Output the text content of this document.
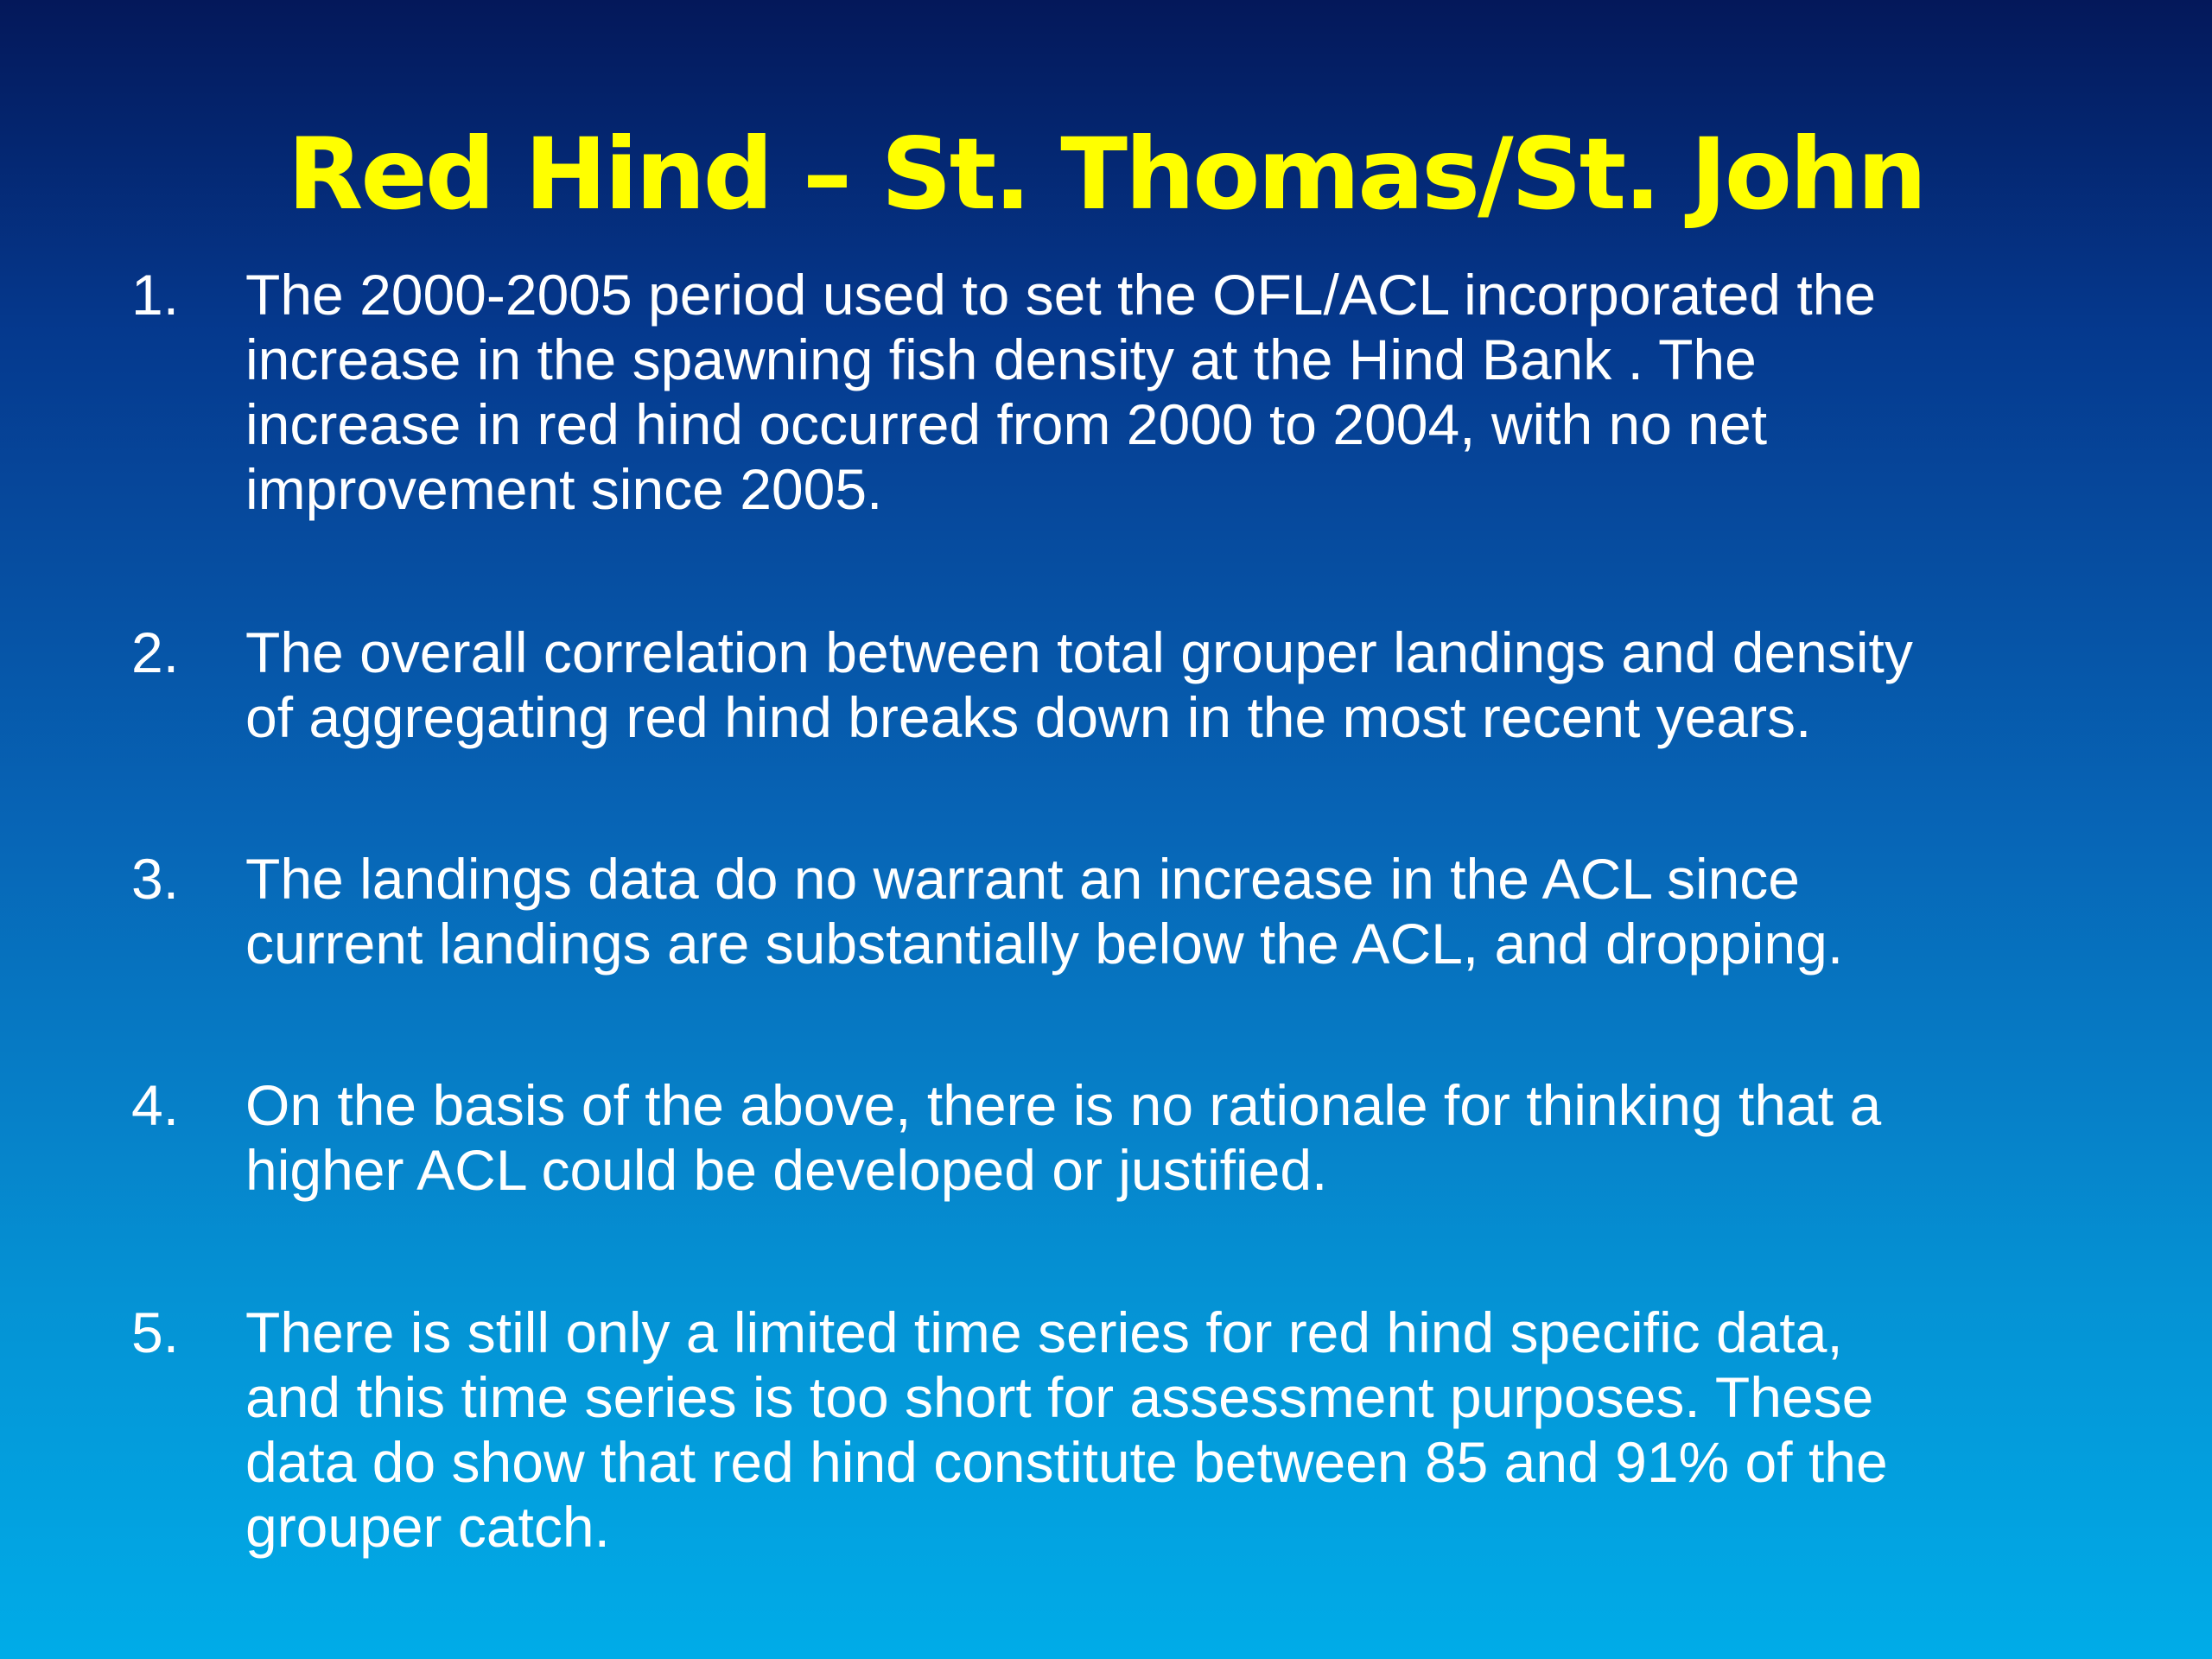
Red Hind – St. Thomas/St. John
1.	The 2000-2005 period used to set the OFL/ACL incorporated the
increase in the spawning fish density at the Hind Bank . The
increase in red hind occurred from 2000 to 2004, with no net
improvement since 2005.
2.	The overall correlation between total grouper landings and density
of aggregating red hind breaks down in the most recent years.
3.	The landings data do no warrant an increase in the ACL since
current landings are substantially below the ACL, and dropping.
4.	On the basis of the above, there is no rationale for thinking that a
higher ACL could be developed or justified.
5.	There is still only a limited time series for red hind specific data,
and this time series is too short for assessment purposes. These
data do show that red hind constitute between 85 and 91% of the
grouper catch.
